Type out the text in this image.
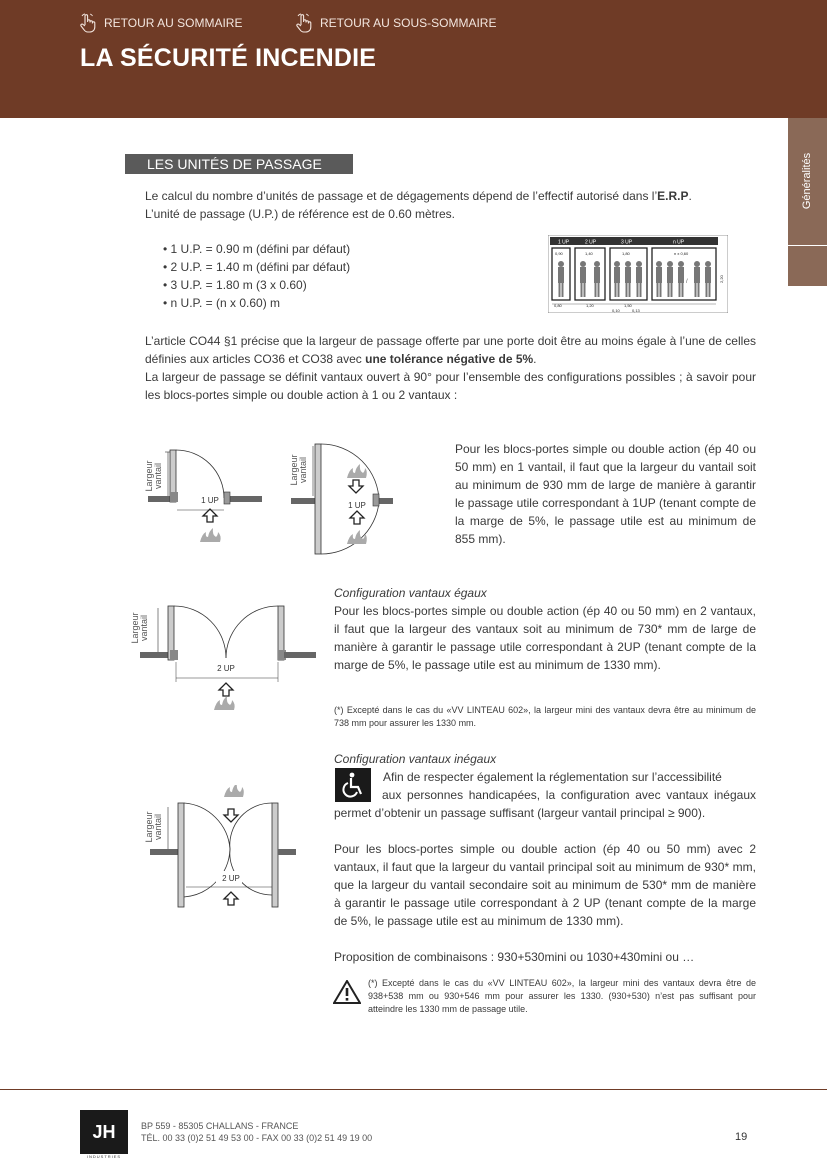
RETOUR AU SOMMAIRE	RETOUR AU SOUS-SOMMAIRE
LA SÉCURITÉ INCENDIE
Généralités
LES UNITÉS DE PASSAGE
Le calcul du nombre d’unités de passage et de dégagements dépend de l’effectif autorisé dans l’E.R.P.
L’unité de passage (U.P.) de référence est de 0.60 mètres.
• 1 U.P. = 0.90 m (défini par défaut)
• 2 U.P. = 1.40 m (défini par défaut)
• 3 U.P. = 1.80 m (3 x 0.60)
• n U.P. = (n x 0.60) m
1 UP	2 UP	3 UP	n UP
0,90	1,40	1,80	n x 0,60
/
0,80	1,20	1,50
0,10	0,13
2,20
L’article CO44 §1 précise que la largeur de passage offerte par une porte doit être au moins égale à l’une de celles définies aux articles CO36 et CO38 avec une tolérance négative de 5%.
La largeur de passage se définit vantaux ouvert à 90° pour l’ensemble des configurations possibles ; à savoir pour les blocs-portes simple ou double action à 1 ou 2 vantaux :
Largeur vantail
1 UP
Largeur vantail
1 UP
Pour les blocs-portes simple ou double action (ép 40 ou 50 mm) en 1 vantail, il faut que la largeur du vantail soit au minimum de 930 mm de large de manière à garantir le passage utile correspondant à 1UP (tenant compte de la marge de 5%, le passage utile est au minimum de 855 mm).
Largeur vantail
2 UP
Configuration vantaux égaux
Pour les blocs-portes simple ou double action (ép 40 ou 50 mm) en 2 vantaux, il faut que la largeur des vantaux soit au minimum de 730* mm de large de manière à garantir le passage utile correspondant à 2UP (tenant compte de la marge de 5%, le passage utile est au minimum de 1330 mm).
(*) Excepté dans le cas du «VV LINTEAU 602», la largeur mini des vantaux devra être au minimum de 738 mm pour assurer les 1330 mm.
Largeur vantail
2 UP
Configuration vantaux inégaux
Afin de respecter également la réglementation sur l’accessibilité
aux personnes handicapées, la configuration avec vantaux inégaux permet d’obtenir un passage suffisant (largeur vantail principal ≥ 900).
Pour les blocs-portes simple ou double action (ép 40 ou 50 mm) avec 2 vantaux, il faut que la largeur du vantail principal soit au minimum de 930* mm, que la largeur du vantail secondaire soit au minimum de 530* mm de manière à garantir le passage utile correspondant à 2 UP (tenant compte de la marge de 5%, le passage utile est au minimum de 1330 mm).
Proposition de combinaisons : 930+530mini ou 1030+430mini ou …
(*) Excepté dans le cas du «VV LINTEAU 602», la largeur mini des vantaux devra être de 938+538 mm ou 930+546 mm pour assurer les 1330. (930+530) n’est pas suffisant pour atteindre les 1330 mm de passage utile.
JH
INDUSTRIES
BP 559 - 85305 CHALLANS - FRANCE
TÉL. 00 33 (0)2 51 49 53 00 - FAX 00 33 (0)2 51 49 19 00	19
